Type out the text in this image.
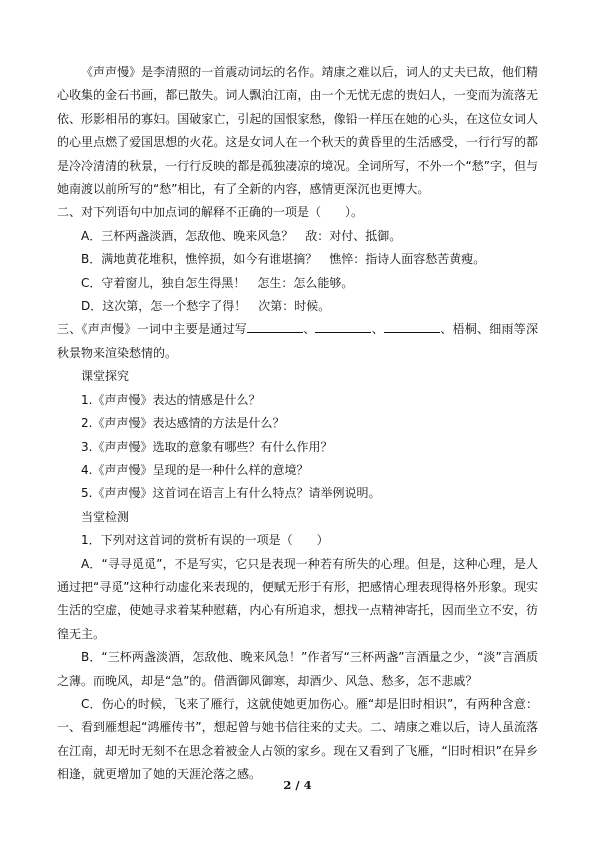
《声声慢》是李清照的一首震动词坛的名作。靖康之难以后，词人的丈夫已故，他们精心收集的金石书画，都已散失。词人飘泊江南，由一个无忧无虑的贵妇人，一变而为流落无依、形影相吊的寡妇。国破家亡，引起的国恨家愁，像铅一样压在她的心头，在这位女词人的心里点燃了爱国思想的火花。这是女词人在一个秋天的黄昏里的生活感受，一行行写的都是冷冷清清的秋景，一行行反映的都是孤独凄凉的境况。全词所写，不外一个“愁”字，但与她南渡以前所写的“愁”相比，有了全新的内容，感情更深沉也更博大。

二、对下列语句中加点词的解释不正确的一项是（　　）。

A．三杯两盏淡酒，怎敌他、晚来风急？　敌：对付、抵御。

B．满地黄花堆积，憔悴损，如今有谁堪摘？　憔悴：指诗人面容愁苦黄瘦。

C．守着窗儿，独自怎生得黑！　怎生：怎么能够。

D．这次第，怎一个愁字了得！　次第：时候。

三、《声声慢》一词中主要是通过写	、	、	、梧桐、细雨等深秋景物来渲染愁情的。

课堂探究

1.《声声慢》表达的情感是什么？

2.《声声慢》表达感情的方法是什么？

3.《声声慢》选取的意象有哪些？有什么作用？

4.《声声慢》呈现的是一种什么样的意境？

5.《声声慢》这首词在语言上有什么特点？请举例说明。

当堂检测

1．下列对这首词的赏析有误的一项是（　　）

A．“寻寻觅觅”，不是写实，它只是表现一种若有所失的心理。但是，这种心理，是人通过把“寻觅”这种行动虚化来表现的，便赋无形于有形，把感情心理表现得格外形象。现实生活的空虚，使她寻求着某种慰藉，内心有所追求，想找一点精神寄托，因而坐立不安，彷徨无主。

B．“三杯两盏淡酒，怎敌他、晚来风急！”作者写“三杯两盏”言酒量之少，“淡”言酒质之薄。而晚风，却是“急”的。借酒御风御寒，却酒少、风急、愁多，怎不悲戚？

C．伤心的时候，飞来了雁行，这就使她更加伤心。雁“却是旧时相识”，有两种含意：一、看到雁想起“鸿雁传书”，想起曾与她书信往来的丈夫。二、靖康之难以后，诗人虽流落在江南，却无时无刻不在思念着被金人占领的家乡。现在又看到了飞雁，“旧时相识”在异乡相逢，就更增加了她的天涯沦落之感。

2 / 4
